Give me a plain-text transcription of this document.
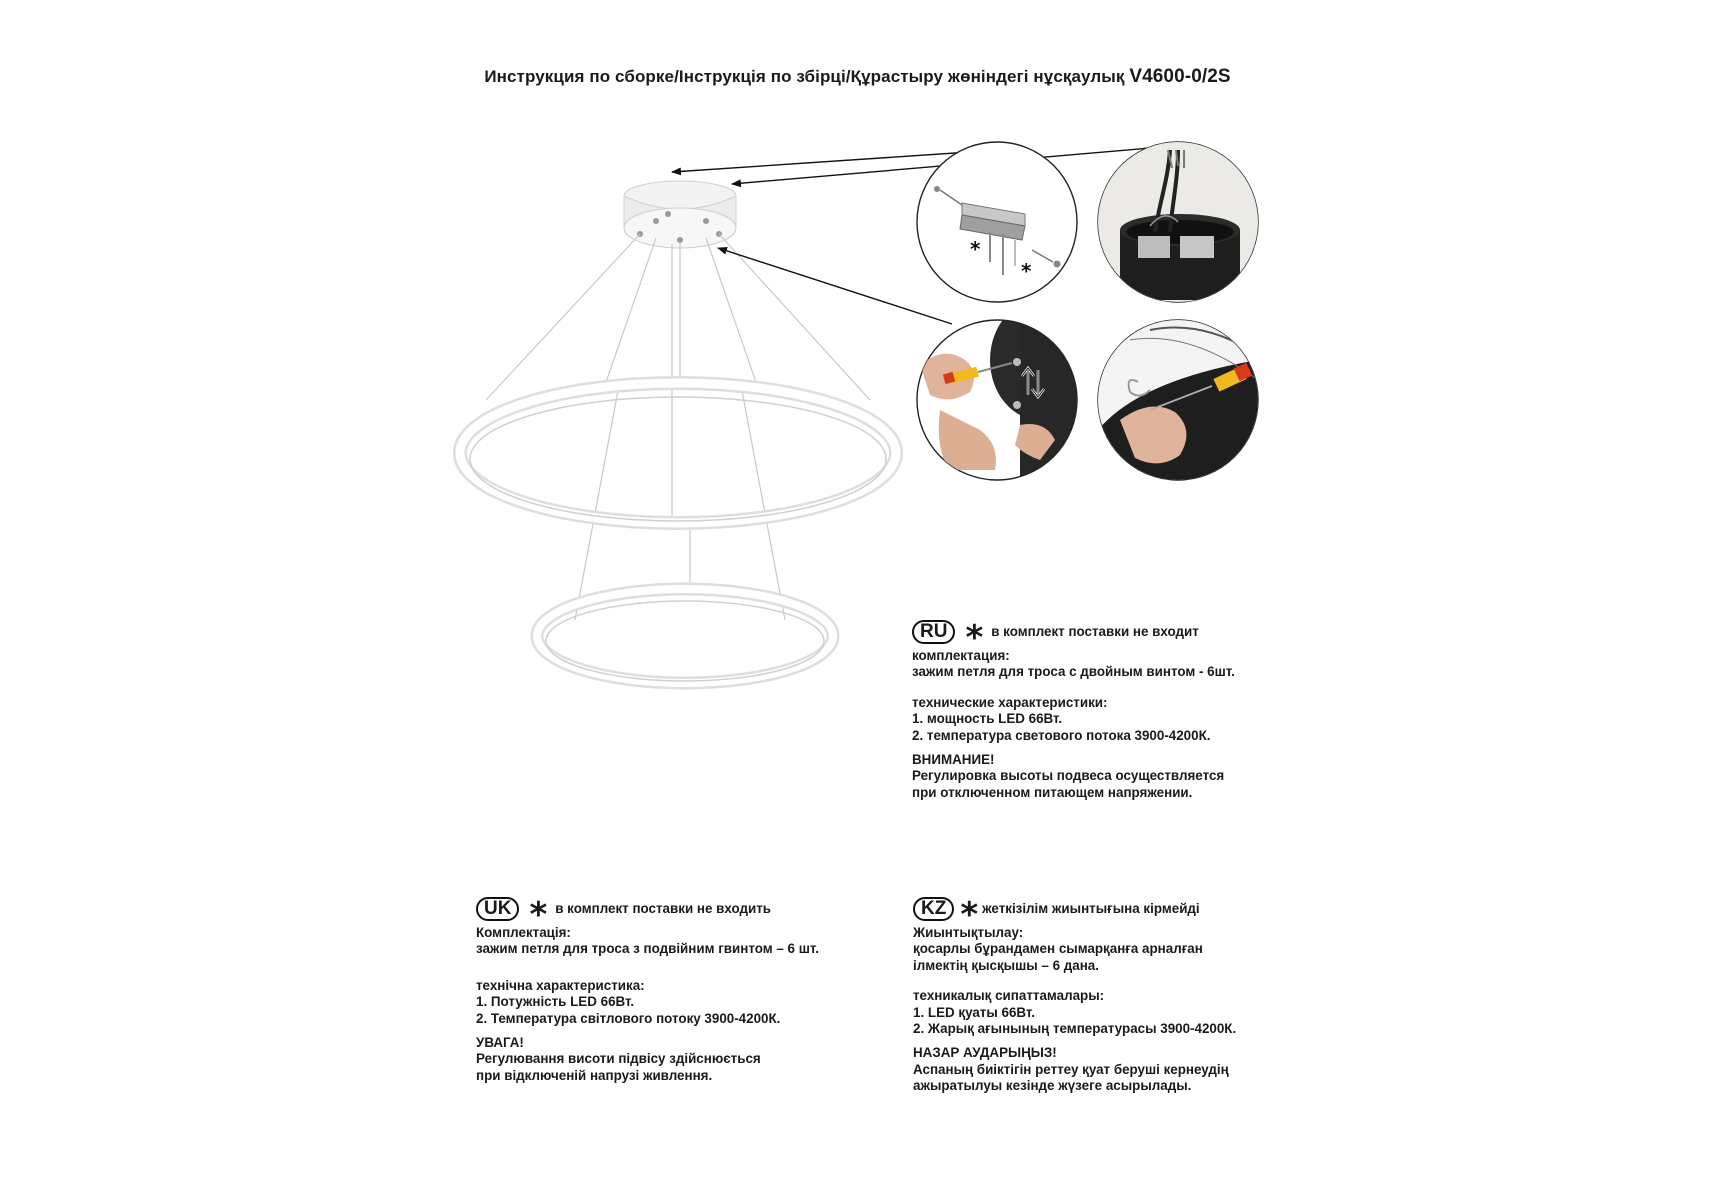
Инструкция по сборке/Інструкція по збірці/Құрастыру жөніндегі нұсқаулық V4600-0/2S
*
*
RU * в комплект поставки не входит
комплектация:
зажим петля для троса с двойным винтом - 6шт.
технические характеристики:
1. мощность LED 66Вт.
2. температура светового потока 3900-4200К.
ВНИМАНИЕ!
Регулировка высоты подвеса осуществляется
при отключенном питающем напряжении.
UK * в комплект поставки не входить
Комплектація:
зажим петля для троса з подвійним гвинтом – 6 шт.
технічна характеристика:
1. Потужність LED 66Вт.
2. Температура світлового потоку 3900-4200К.
УВАГА!
Регулювання висоти підвісу здійснюється
при відключеній напрузі живлення.
KZ * жеткізілім жиынтығына кірмейді
Жиынтықтылау:
қосарлы бұрандамен сымарқанға арналған
ілмектің қысқышы – 6 дана.
техникалық сипаттамалары:
1. LED қуаты 66Вт.
2. Жарық ағынының температурасы 3900-4200К.
НАЗАР АУДАРЫҢЫЗ!
Аспаның биіктігін реттеу қуат беруші кернеудің
ажыратылуы кезінде жүзеге асырылады.
